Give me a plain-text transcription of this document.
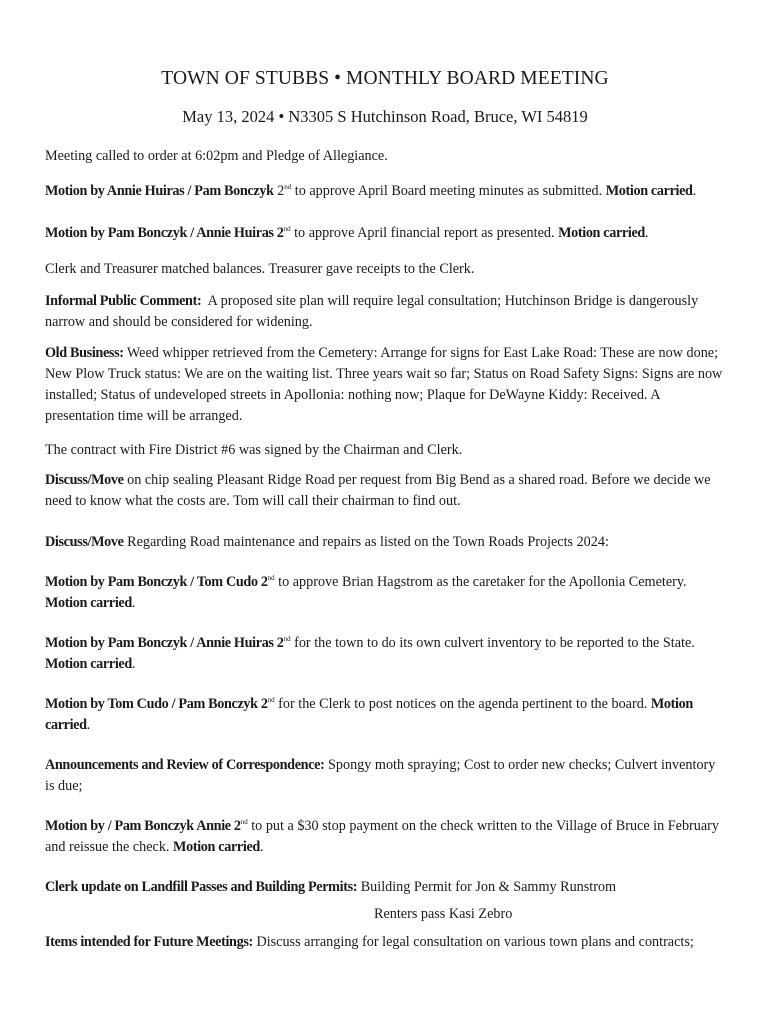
TOWN OF STUBBS • MONTHLY BOARD MEETING
May 13, 2024 • N3305 S Hutchinson Road, Bruce, WI 54819
Meeting called to order at 6:02pm and Pledge of Allegiance.
Motion by Annie Huiras / Pam Bonczyk 2nd to approve April Board meeting minutes as submitted. Motion carried.
Motion by Pam Bonczyk / Annie Huiras 2nd to approve April financial report as presented. Motion carried.
Clerk and Treasurer matched balances. Treasurer gave receipts to the Clerk.
Informal Public Comment:  A proposed site plan will require legal consultation; Hutchinson Bridge is dangerously narrow and should be considered for widening.
Old Business: Weed whipper retrieved from the Cemetery: Arrange for signs for East Lake Road: These are now done; New Plow Truck status: We are on the waiting list. Three years wait so far; Status on Road Safety Signs: Signs are now installed; Status of undeveloped streets in Apollonia: nothing now; Plaque for DeWayne Kiddy: Received. A presentation time will be arranged.
The contract with Fire District #6 was signed by the Chairman and Clerk.
Discuss/Move on chip sealing Pleasant Ridge Road per request from Big Bend as a shared road. Before we decide we need to know what the costs are. Tom will call their chairman to find out.
Discuss/Move Regarding Road maintenance and repairs as listed on the Town Roads Projects 2024:
Motion by Pam Bonczyk / Tom Cudo 2nd to approve Brian Hagstrom as the caretaker for the Apollonia Cemetery.  Motion carried.
Motion by Pam Bonczyk / Annie Huiras 2nd for the town to do its own culvert inventory to be reported to the State. Motion carried.
Motion by Tom Cudo / Pam Bonczyk 2nd for the Clerk to post notices on the agenda pertinent to the board. Motion carried.
Announcements and Review of Correspondence: Spongy moth spraying; Cost to order new checks; Culvert inventory is due;
Motion by / Pam Bonczyk Annie 2nd to put a $30 stop payment on the check written to the Village of Bruce in February and reissue the check. Motion carried.
Clerk update on Landfill Passes and Building Permits: Building Permit for Jon & Sammy Runstrom
Renters pass Kasi Zebro
Items intended for Future Meetings: Discuss arranging for legal consultation on various town plans and contracts;
